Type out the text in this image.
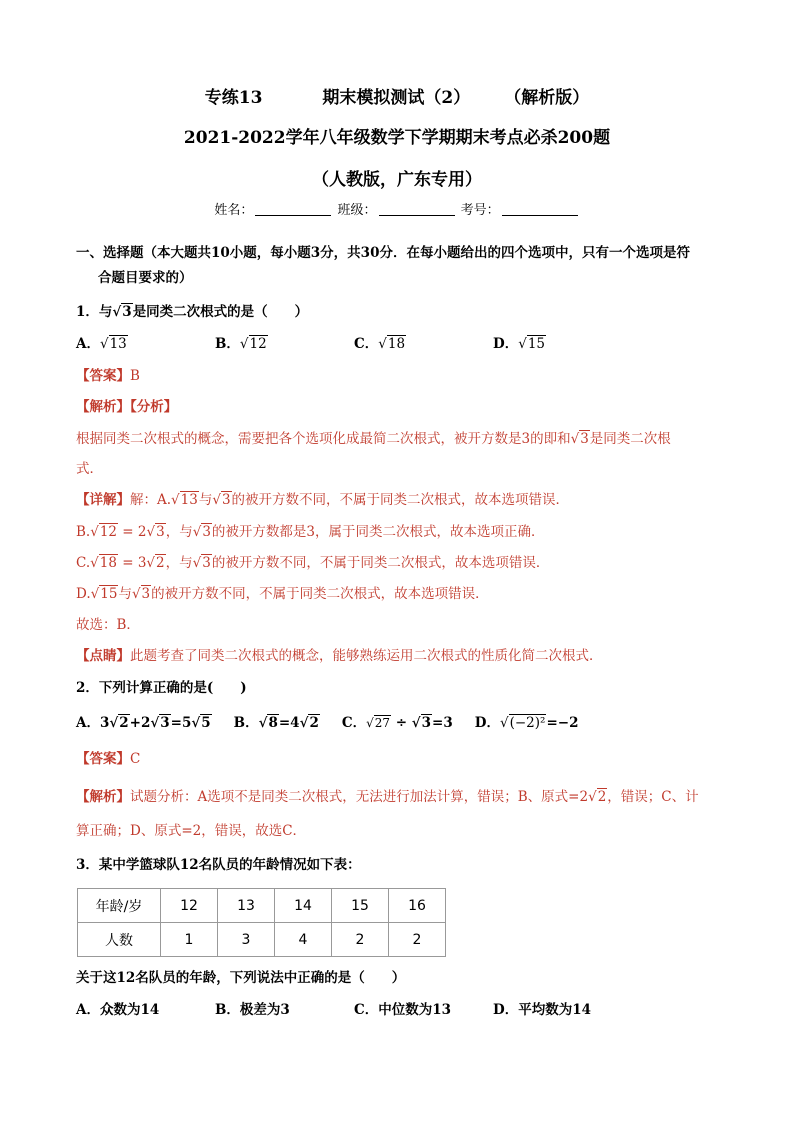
专练13	期末模拟测试（2） （解析版）
2021-2022学年八年级数学下学期期末考点必杀200题
（人教版，广东专用）
姓名：	班级：	考号：
一、选择题（本大题共10小题，每小题3分，共30分．在每小题给出的四个选项中，只有一个选项是符
合题目要求的）
1．与√3是同类二次根式的是（　　）
A．√13	B．√12	C．√18	D．√15
【答案】B
【解析】【分析】
根据同类二次根式的概念，需要把各个选项化成最简二次根式，被开方数是3的即和√3是同类二次根
式．
【详解】解：A.√13与√3的被开方数不同，不属于同类二次根式，故本选项错误．
B.√12 = 2√3，与√3的被开方数都是3，属于同类二次根式，故本选项正确．
C.√18 = 3√2，与√3的被开方数不同，不属于同类二次根式，故本选项错误．
D.√15与√3的被开方数不同，不属于同类二次根式，故本选项错误．
故选：B．
【点睛】此题考查了同类二次根式的概念，能够熟练运用二次根式的性质化简二次根式．
2．下列计算正确的是(　　)
A．3√2+2√3=5√5 B．√8=4√2 C．√27 ÷ √3=3 D．√(−2)²=−2
【答案】C
【解析】试题分析：A选项不是同类二次根式，无法进行加法计算，错误；B、原式=2√2，错误；C、计
算正确；D、原式=2，错误，故选C．
3．某中学篮球队12名队员的年龄情况如下表：
年龄/岁	12	13	14	15	16
人数	1	3	4	2	2
关于这12名队员的年龄，下列说法中正确的是（　　）
A．众数为14	B．极差为3	C．中位数为13	D．平均数为14
